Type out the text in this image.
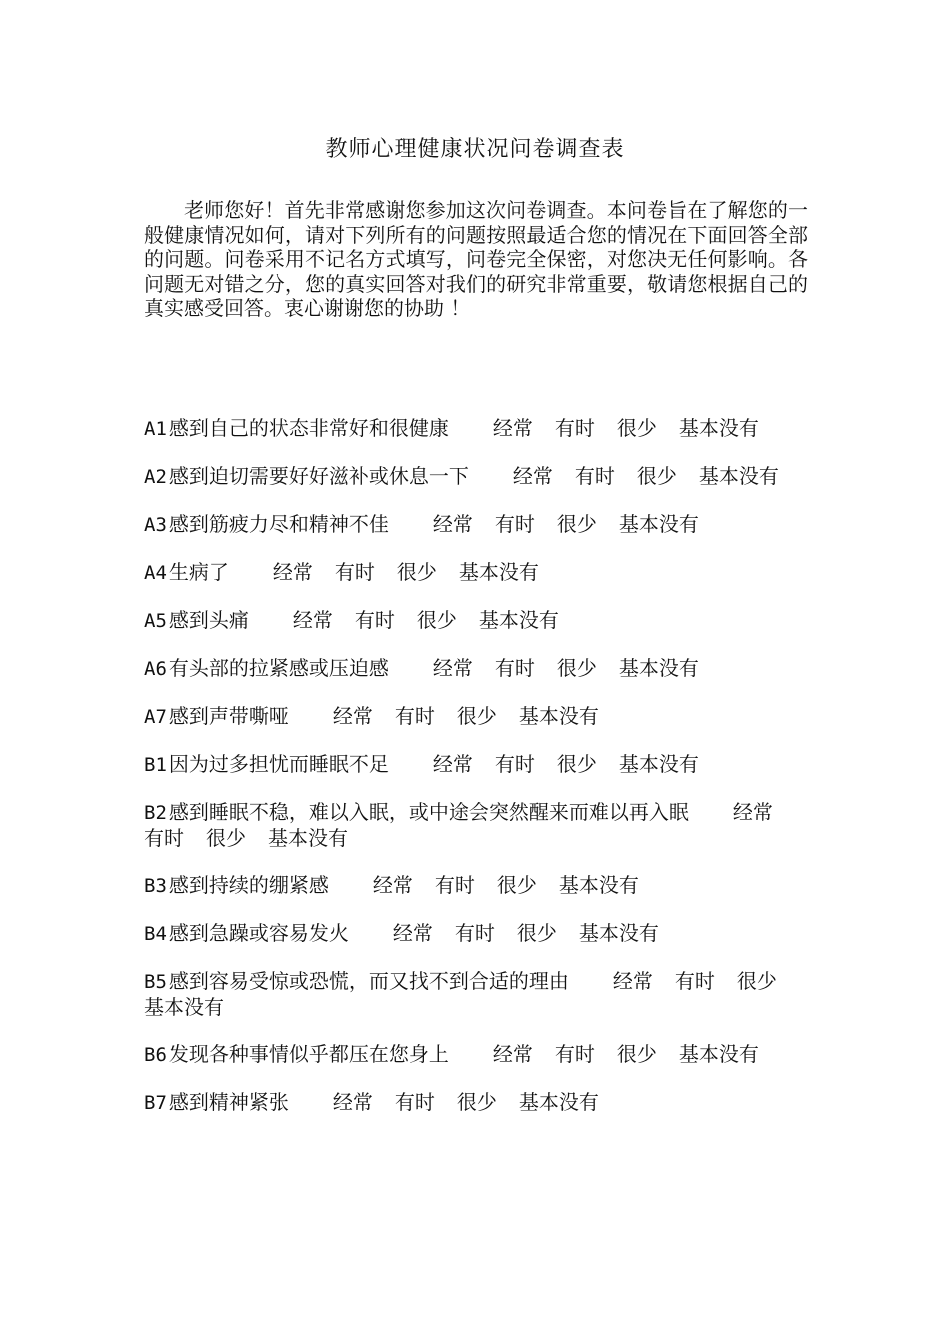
教师心理健康状况问卷调查表
老师您好！首先非常感谢您参加这次问卷调查。本问卷旨在了解您的一般健康情况如何，请对下列所有的问题按照最适合您的情况在下面回答全部的问题。问卷采用不记名方式填写，问卷完全保密，对您决无任何影响。各问题无对错之分，您的真实回答对我们的研究非常重要，敬请您根据自己的真实感受回答。衷心谢谢您的协助 ！
A1 感到自己的状态非常好和很健康 经常 有时 很少 基本没有
A2 感到迫切需要好好滋补或休息一下 经常 有时 很少 基本没有
A3 感到筋疲力尽和精神不佳 经常 有时 很少 基本没有
A4 生病了 经常 有时 很少 基本没有
A5 感到头痛 经常 有时 很少 基本没有
A6 有头部的拉紧感或压迫感 经常 有时 很少 基本没有
A7 感到声带嘶哑 经常 有时 很少 基本没有
B1 因为过多担忧而睡眠不足 经常 有时 很少 基本没有
B2 感到睡眠不稳，难以入眠，或中途会突然醒来而难以再入眠 经常有时 很少 基本没有
B3 感到持续的绷紧感 经常 有时 很少 基本没有
B4 感到急躁或容易发火 经常 有时 很少 基本没有
B5 感到容易受惊或恐慌，而又找不到合适的理由 经常 有时 很少基本没有
B6 发现各种事情似乎都压在您身上 经常 有时 很少 基本没有
B7 感到精神紧张 经常 有时 很少 基本没有
